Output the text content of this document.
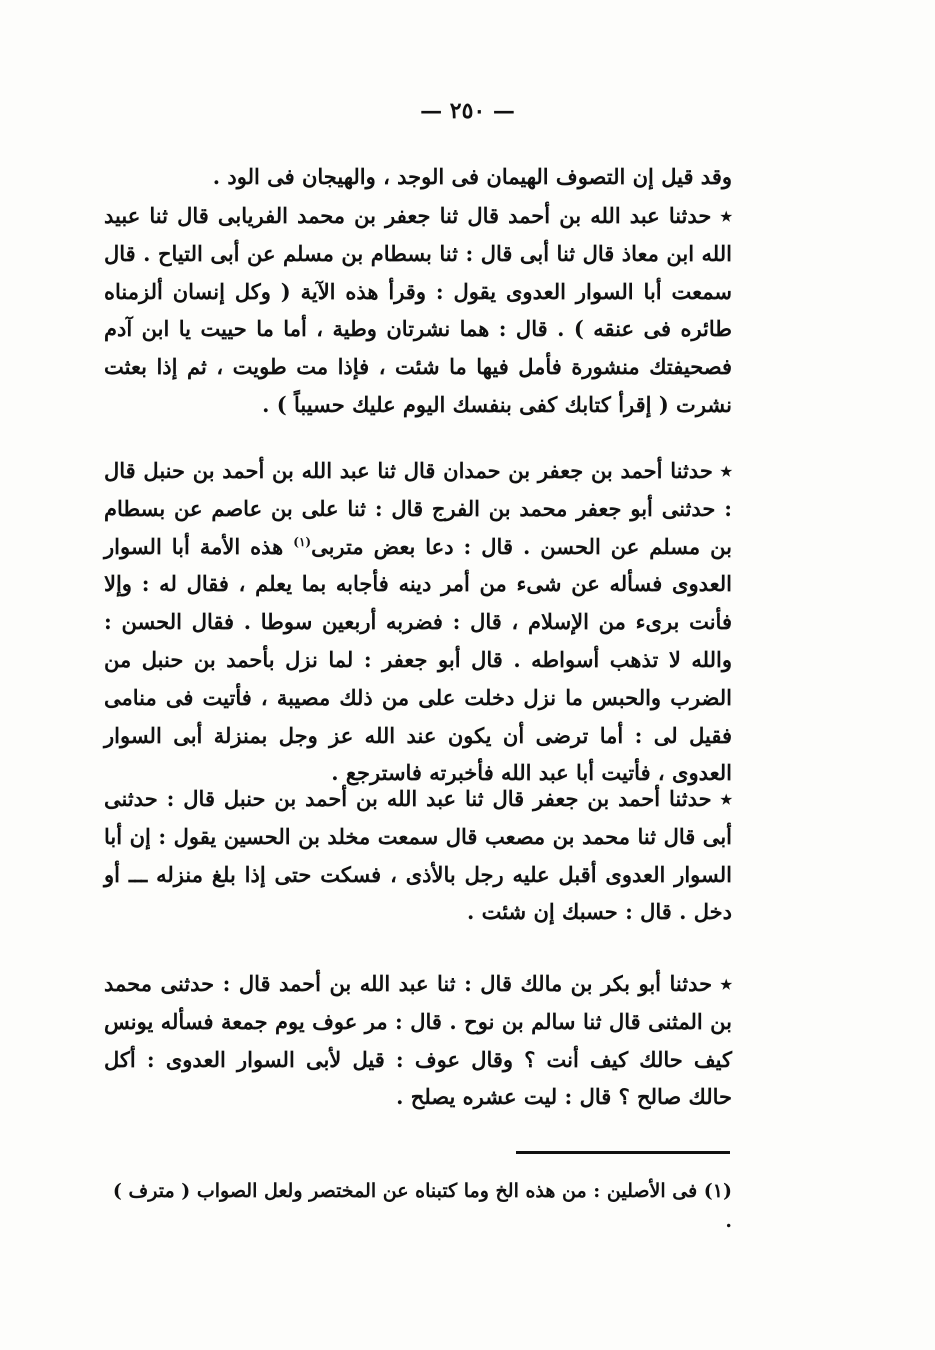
— ٢٥٠ —

وقد قيل إن التصوف الهيمان فى الوجد ، والهيجان فى الود .

٭ حدثنا عبد الله بن أحمد قال ثنا جعفر بن محمد الفريابى قال ثنا عبيد الله ابن معاذ قال ثنا أبى قال : ثنا بسطام بن مسلم عن أبى التياح . قال سمعت أبا السوار العدوى يقول : وقرأ هذه الآية ( وكل إنسان ألزمناه طائره فى عنقه ) . قال : هما نشرتان وطية ، أما ما حييت يا ابن آدم فصحيفتك منشورة فأمل فيها ما شئت ، فإذا مت طويت ، ثم إذا بعثت نشرت ( إقرأ كتابك كفى بنفسك اليوم عليك حسيباً ) .

٭ حدثنا أحمد بن جعفر بن حمدان قال ثنا عبد الله بن أحمد بن حنبل قال : حدثنى أبو جعفر محمد بن الفرج قال : ثنا على بن عاصم عن بسطام بن مسلم عن الحسن . قال : دعا بعض متربى$^{(١)}$ هذه الأمة أبا السوار العدوى فسأله عن شىء من أمر دينه فأجابه بما يعلم ، فقال له : وإلا فأنت برىء من الإسلام ، قال : فضربه أربعين سوطا . فقال الحسن : والله لا تذهب أسواطه . قال أبو جعفر : لما نزل بأحمد بن حنبل من الضرب والحبس ما نزل دخلت على من ذلك مصيبة ، فأتيت فى منامى فقيل لى : أما ترضى أن يكون عند الله عز وجل بمنزلة أبى السوار العدوى ، فأتيت أبا عبد الله فأخبرته فاسترجع .

٭ حدثنا أحمد بن جعفر قال ثنا عبد الله بن أحمد بن حنبل قال : حدثنى أبى قال ثنا محمد بن مصعب قال سمعت مخلد بن الحسين يقول : إن أبا السوار العدوى أقبل عليه رجل بالأذى ، فسكت حتى إذا بلغ منزله ـــ أو دخل . قال : حسبك إن شئت .

٭ حدثنا أبو بكر بن مالك قال : ثنا عبد الله بن أحمد قال : حدثنى محمد بن المثنى قال ثنا سالم بن نوح . قال : مر عوف يوم جمعة فسأله يونس كيف حالك كيف أنت ؟ وقال عوف : قيل لأبى السوار العدوى : أكل حالك صالح ؟ قال : ليت عشره يصلح .

(١) فى الأصلين : من هذه الخ وما كتبناه عن المختصر ولعل الصواب ( مترف ) .
